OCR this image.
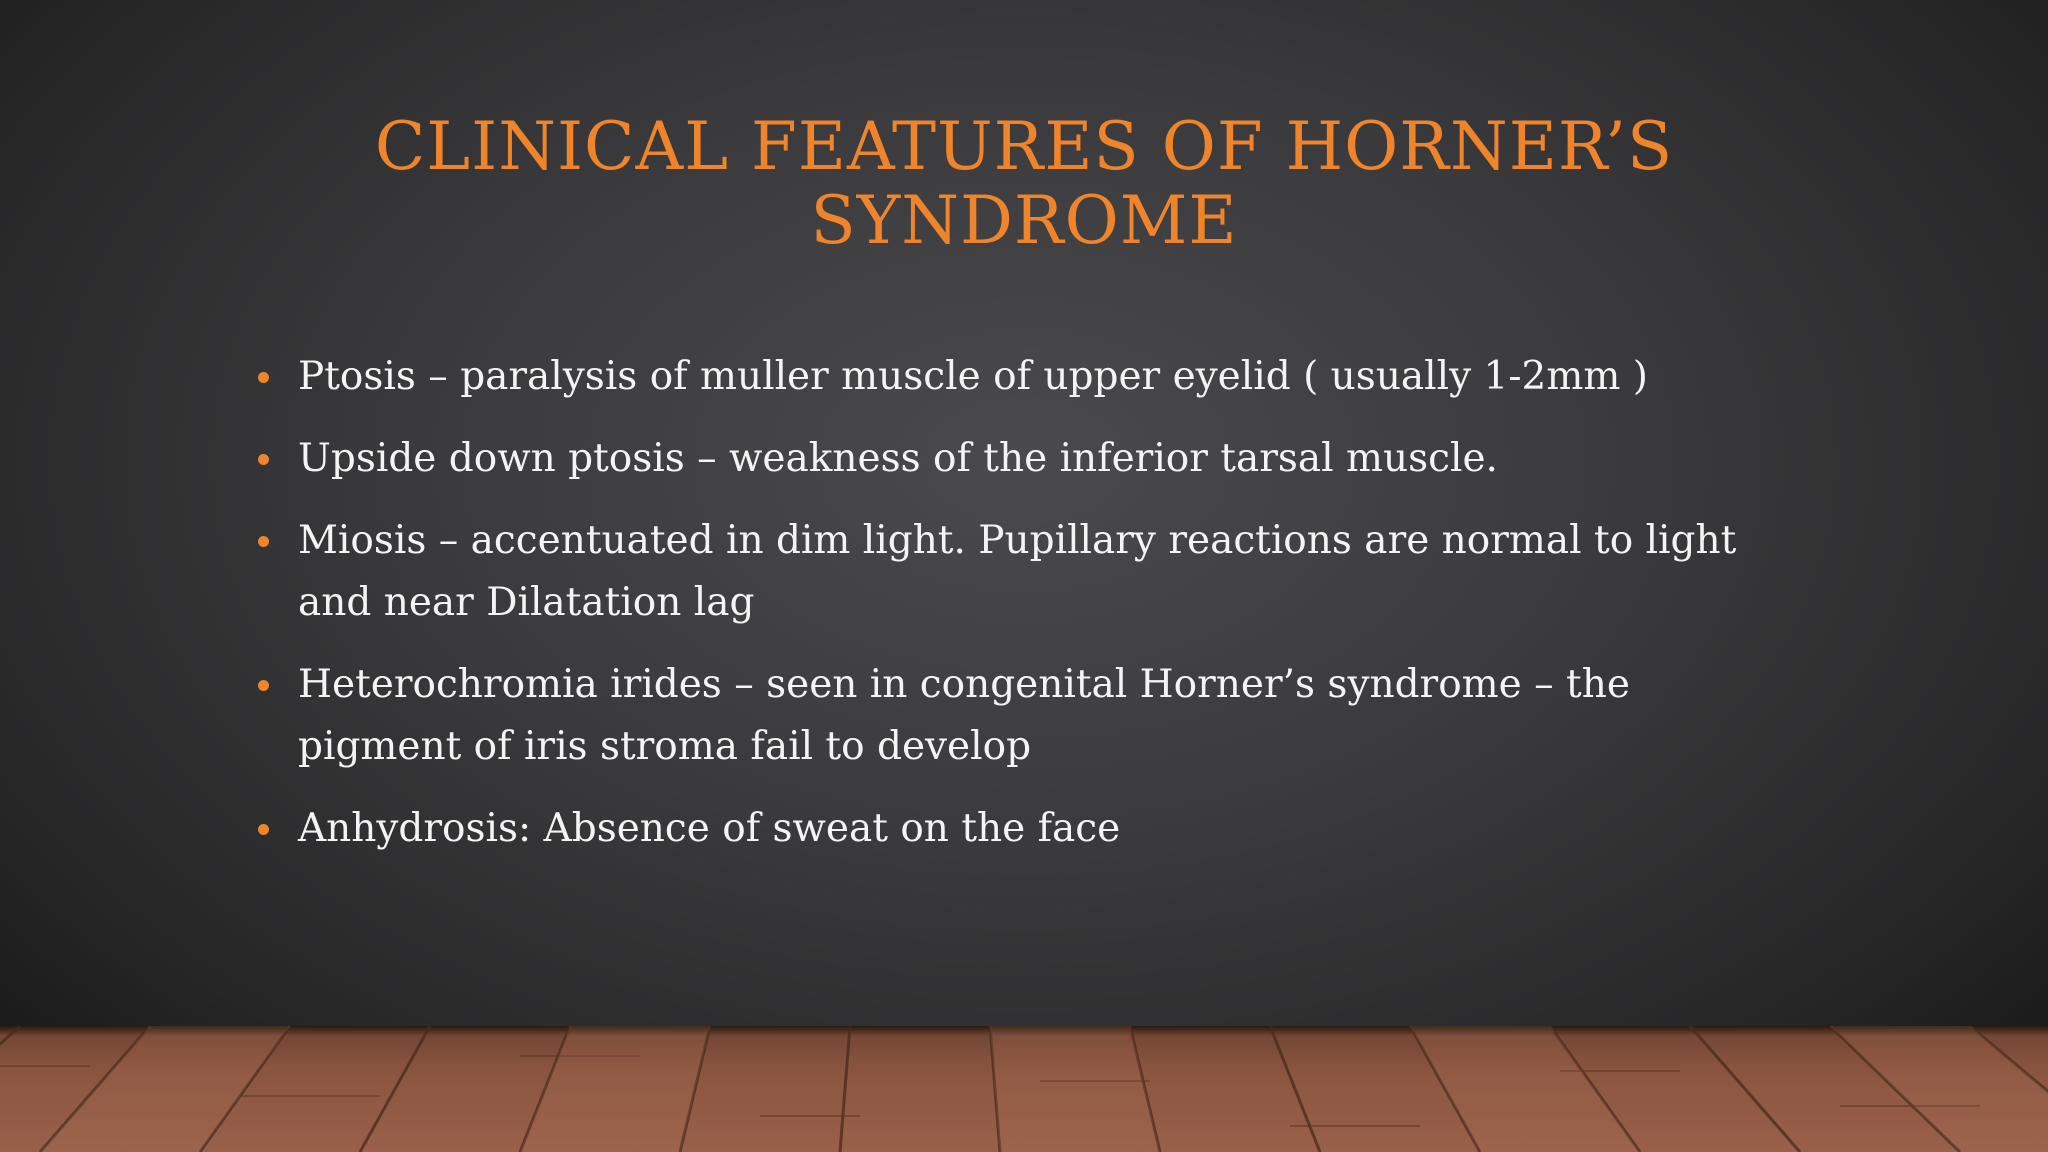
CLINICAL FEATURES OF HORNER’S SYNDROME
Ptosis – paralysis of muller muscle of upper eyelid ( usually 1-2mm )
Upside down ptosis – weakness of the inferior tarsal muscle.
Miosis – accentuated in dim light. Pupillary reactions are normal to light and near Dilatation lag
Heterochromia irides – seen in congenital Horner’s syndrome – the pigment of iris stroma fail to develop
Anhydrosis: Absence of sweat on the face
